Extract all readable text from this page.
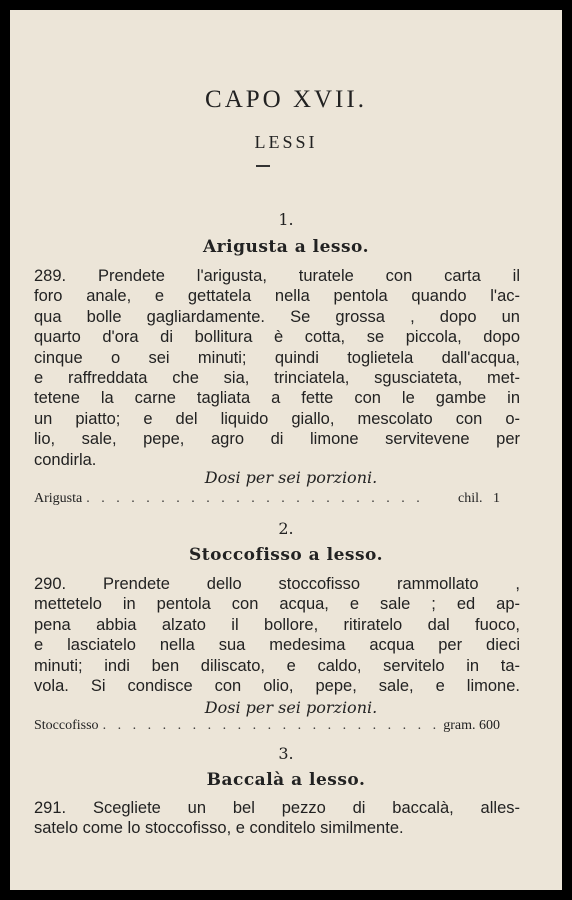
CAPO XVII.
LESSI
1.
Arigusta a lesso.
289. Prendete l'arigusta, turatele con carta il
foro anale, e gettatela nella pentola quando l'ac-
qua bolle gagliardamente. Se grossa , dopo un
quarto d'ora di bollitura è cotta, se piccola, dopo
cinque o sei minuti; quindi toglietela dall'acqua,
e raffreddata che sia, trinciatela, sgusciateta, met-
tetene la carne tagliata a fette con le gambe in
un piatto; e del liquido giallo, mescolato con o-
lio, sale, pepe, agro di limone servitevene per
condirla.
Dosi per sei porzioni.
Arigusta . . . . . . . . . . . . . . . . . . . . . . .	chil.   1
2.
Stoccofisso a lesso.
290. Prendete dello stoccofisso rammollato ,
mettetelo in pentola con acqua, e sale ; ed ap-
pena abbia alzato il bollore, ritiratelo dal fuoco,
e lasciatelo nella sua medesima acqua per dieci
minuti; indi ben diliscato, e caldo, servitelo in ta-
vola. Si condisce con olio, pepe, sale, e limone.
Dosi per sei porzioni.
Stoccofisso . . . . . . . . . . . . . . . . . . . . . . . gram. 600
3.
Baccalà a lesso.
291. Scegliete un bel pezzo di baccalà, alles-
satelo come lo stoccofisso, e conditelo similmente.
